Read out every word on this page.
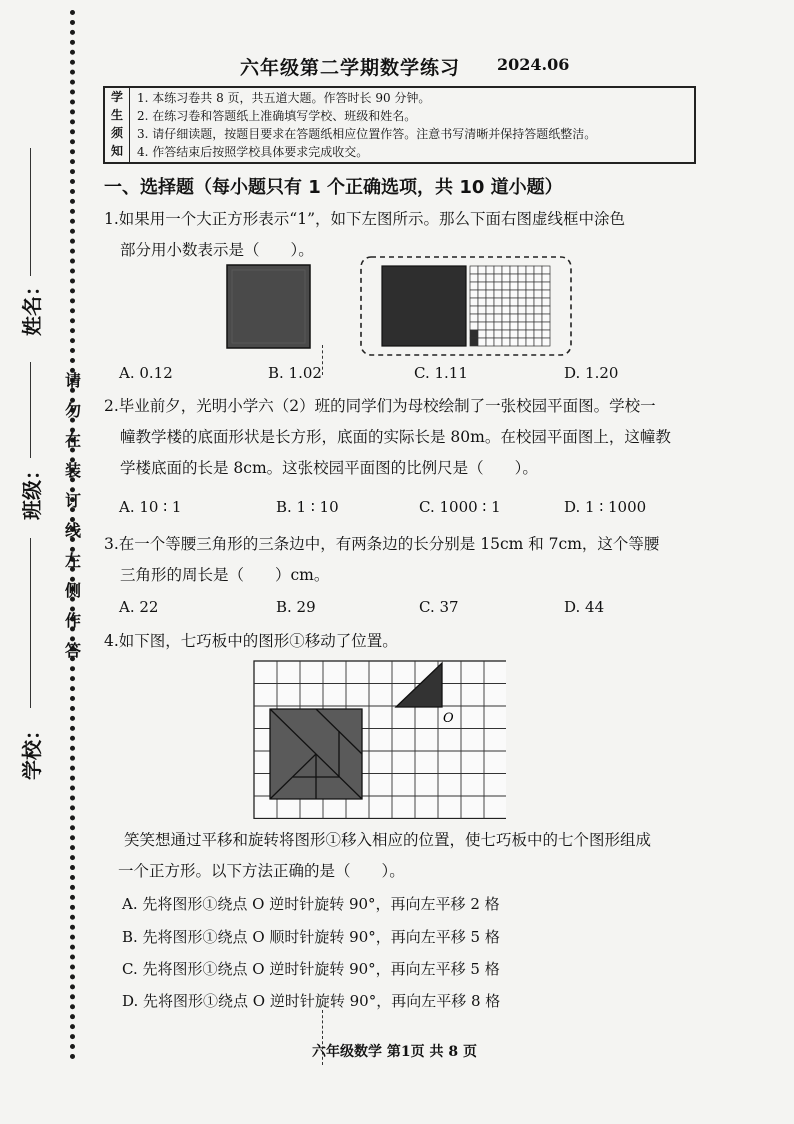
姓名：
班级：
学校：
请
勿
在
装
订
线
左
侧
作
答
六年级第二学期数学练习 2024.06
学
生
须
知
1. 本练习卷共 8 页，共五道大题。作答时长 90 分钟。
2. 在练习卷和答题纸上准确填写学校、班级和姓名。
3. 请仔细读题，按题目要求在答题纸相应位置作答。注意书写清晰并保持答题纸整洁。
4. 作答结束后按照学校具体要求完成收交。
一、选择题（每小题只有 1 个正确选项，共 10 道小题）
1.如果用一个大正方形表示“1”，如下左图所示。那么下面右图虚线框中涂色
部分用小数表示是（　　）。
A. 0.12	B. 1.02	C. 1.11	D. 1.20
2.毕业前夕，光明小学六（2）班的同学们为母校绘制了一张校园平面图。学校一
幢教学楼的底面形状是长方形，底面的实际长是 80m。在校园平面图上，这幢教
学楼底面的长是 8cm。这张校园平面图的比例尺是（　　）。
A. 10 ∶ 1	B. 1 ∶ 10	C. 1000 ∶ 1	D. 1 ∶ 1000
3.在一个等腰三角形的三条边中，有两条边的长分别是 15cm 和 7cm，这个等腰
三角形的周长是（　　）cm。
A. 22	B. 29	C. 37	D. 44
4.如下图，七巧板中的图形①移动了位置。
O
笑笑想通过平移和旋转将图形①移入相应的位置，使七巧板中的七个图形组成
一个正方形。以下方法正确的是（　　）。
A. 先将图形①绕点 O 逆时针旋转 90°，再向左平移 2 格
B. 先将图形①绕点 O 顺时针旋转 90°，再向左平移 5 格
C. 先将图形①绕点 O 逆时针旋转 90°，再向左平移 5 格
D. 先将图形①绕点 O 逆时针旋转 90°，再向左平移 8 格
六年级数学 第1页 共 8 页
